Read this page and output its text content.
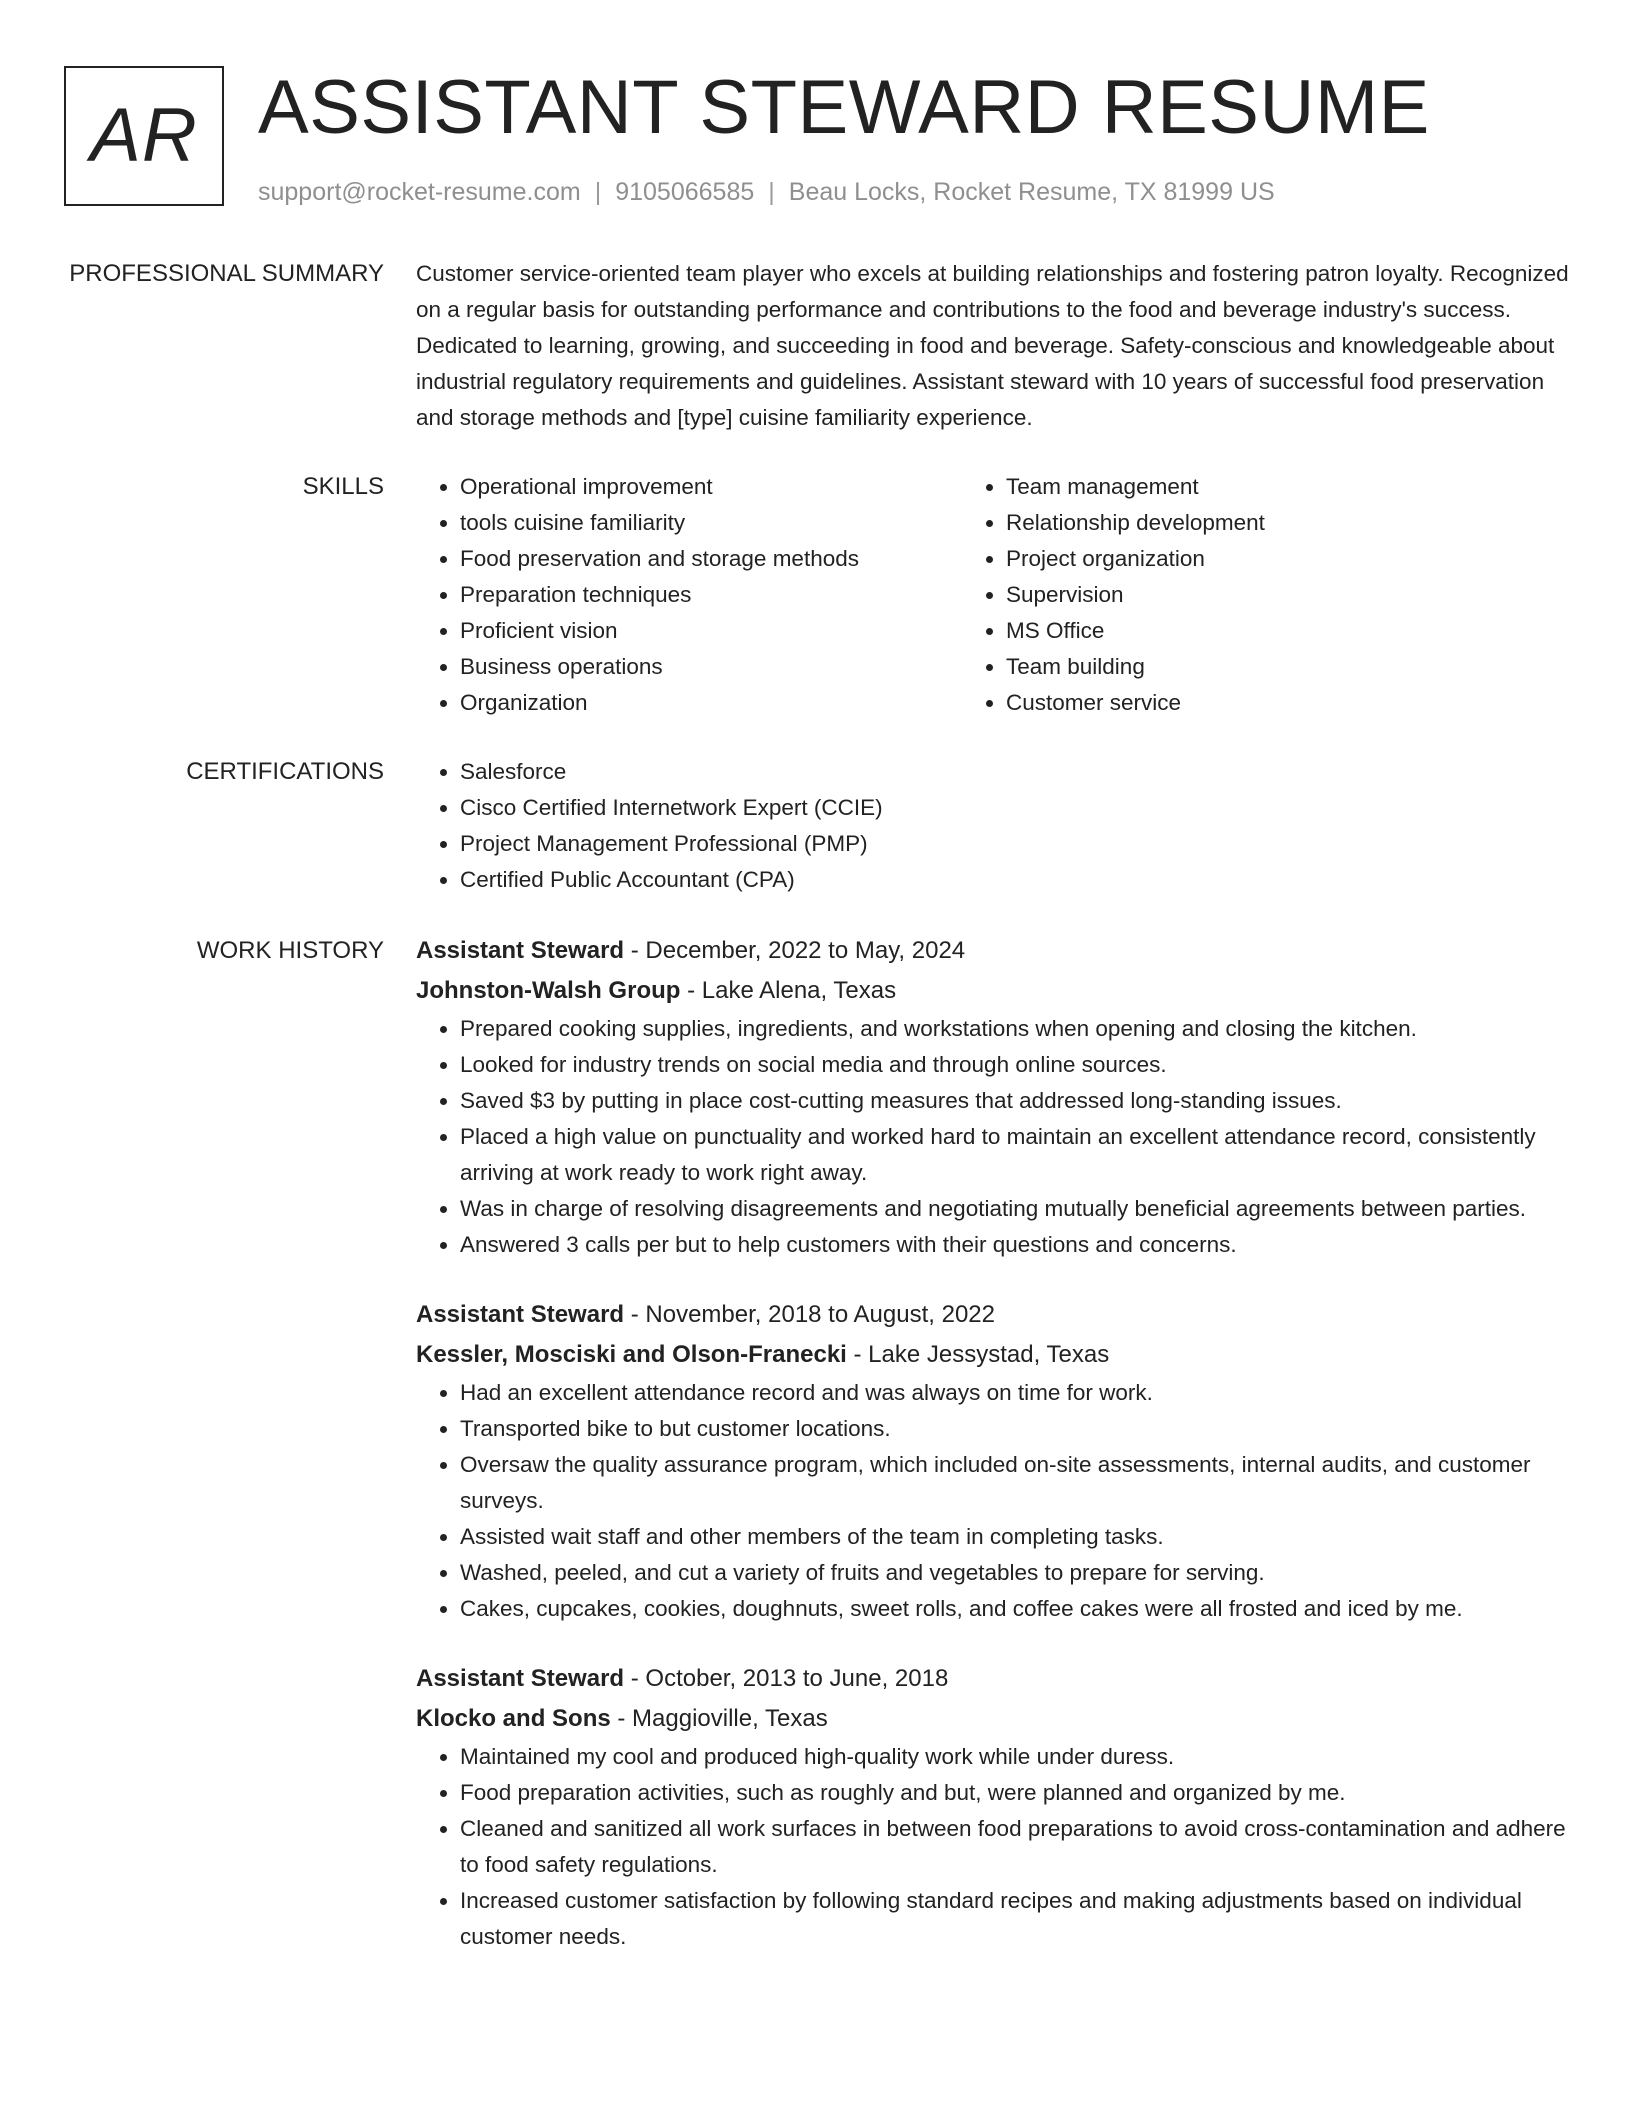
AR ASSISTANT STEWARD RESUME
support@rocket-resume.com | 9105066585 | Beau Locks, Rocket Resume, TX 81999 US
PROFESSIONAL SUMMARY	Customer service-oriented team player who excels at building relationships and fostering patron loyalty. Recognized on a regular basis for outstanding performance and contributions to the food and beverage industry's success. Dedicated to learning, growing, and succeeding in food and beverage. Safety-conscious and knowledgeable about industrial regulatory requirements and guidelines. Assistant steward with 10 years of successful food preservation and storage methods and [type] cuisine familiarity experience.

SKILLS	• Operational improvement
• tools cuisine familiarity
• Food preservation and storage methods
• Preparation techniques
• Proficient vision
• Business operations
• Organization
• Team management
• Relationship development
• Project organization
• Supervision
• MS Office
• Team building
• Customer service
CERTIFICATIONS	• Salesforce
• Cisco Certified Internetwork Expert (CCIE)
• Project Management Professional (PMP)
• Certified Public Accountant (CPA)
WORK HISTORY	Assistant Steward - December, 2022 to May, 2024
Johnston-Walsh Group - Lake Alena, Texas
• Prepared cooking supplies, ingredients, and workstations when opening and closing the kitchen.
• Looked for industry trends on social media and through online sources.
• Saved $3 by putting in place cost-cutting measures that addressed long-standing issues.
• Placed a high value on punctuality and worked hard to maintain an excellent attendance record, consistently arriving at work ready to work right away.
• Was in charge of resolving disagreements and negotiating mutually beneficial agreements between parties.
• Answered 3 calls per but to help customers with their questions and concerns.
Assistant Steward - November, 2018 to August, 2022
Kessler, Mosciski and Olson-Franecki - Lake Jessystad, Texas
• Had an excellent attendance record and was always on time for work.
• Transported bike to but customer locations.
• Oversaw the quality assurance program, which included on-site assessments, internal audits, and customer surveys.
• Assisted wait staff and other members of the team in completing tasks.
• Washed, peeled, and cut a variety of fruits and vegetables to prepare for serving.
• Cakes, cupcakes, cookies, doughnuts, sweet rolls, and coffee cakes were all frosted and iced by me.
Assistant Steward - October, 2013 to June, 2018
Klocko and Sons - Maggioville, Texas
• Maintained my cool and produced high-quality work while under duress.
• Food preparation activities, such as roughly and but, were planned and organized by me.
• Cleaned and sanitized all work surfaces in between food preparations to avoid cross-contamination and adhere to food safety regulations.
• Increased customer satisfaction by following standard recipes and making adjustments based on individual customer needs.
